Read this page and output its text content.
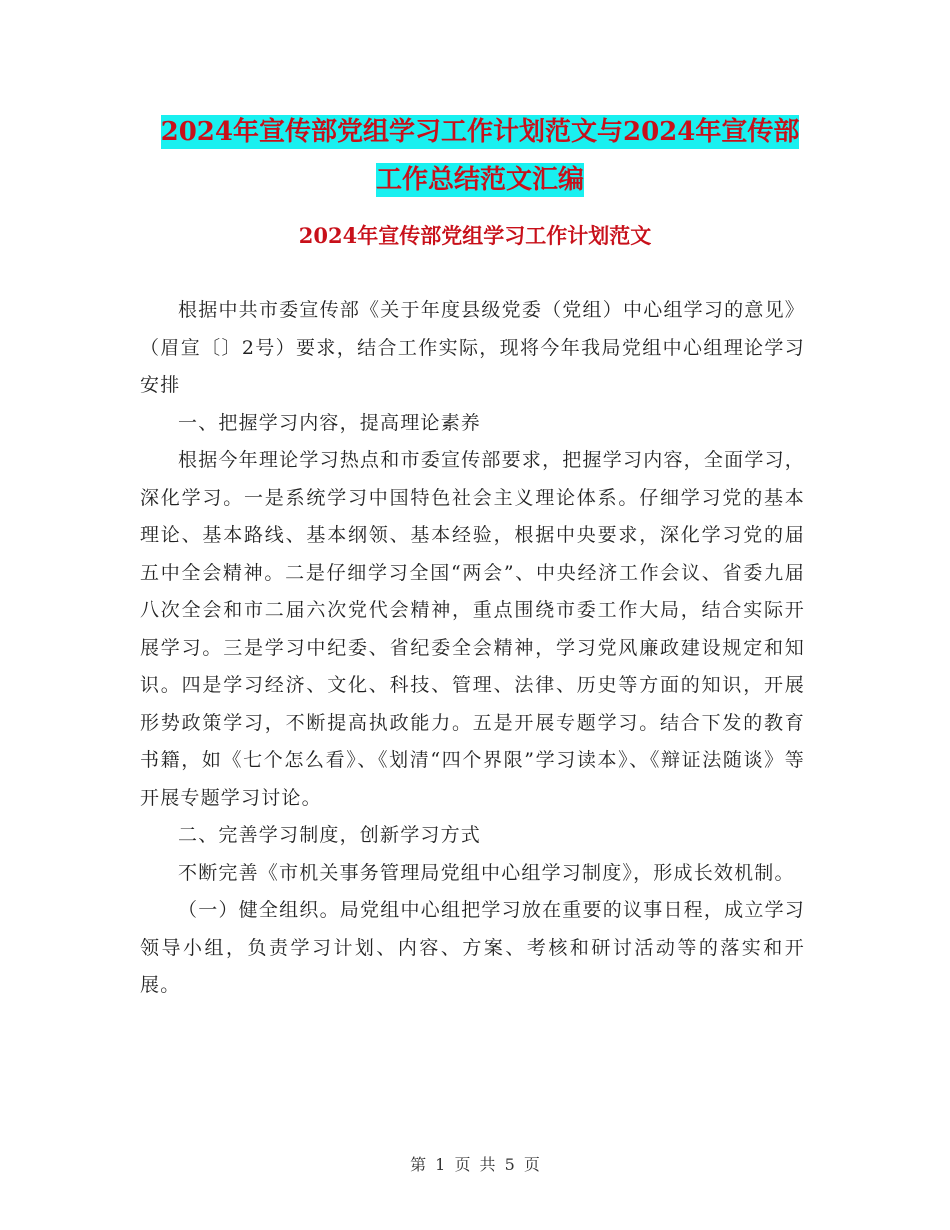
2024年宣传部党组学习工作计划范文与2024年宣传部
工作总结范文汇编
2024年宣传部党组学习工作计划范文

根据中共市委宣传部《关于年度县级党委（党组）中心组学习的意见》（眉宣〔〕2号）要求，结合工作实际，现将今年我局党组中心组理论学习安排

一、把握学习内容，提高理论素养

根据今年理论学习热点和市委宣传部要求，把握学习内容，全面学习，深化学习。一是系统学习中国特色社会主义理论体系。仔细学习党的基本理论、基本路线、基本纲领、基本经验，根据中央要求，深化学习党的届五中全会精神。二是仔细学习全国“两会”、中央经济工作会议、省委九届八次全会和市二届六次党代会精神，重点围绕市委工作大局，结合实际开展学习。三是学习中纪委、省纪委全会精神，学习党风廉政建设规定和知识。四是学习经济、文化、科技、管理、法律、历史等方面的知识，开展形势政策学习，不断提高执政能力。五是开展专题学习。结合下发的教育书籍，如《七个怎么看》、《划清“四个界限”学习读本》、《辩证法随谈》等开展专题学习讨论。

二、完善学习制度，创新学习方式

不断完善《市机关事务管理局党组中心组学习制度》，形成长效机制。

（一）健全组织。局党组中心组把学习放在重要的议事日程，成立学习领导小组，负责学习计划、内容、方案、考核和研讨活动等的落实和开展。

第 1 页 共 5 页
